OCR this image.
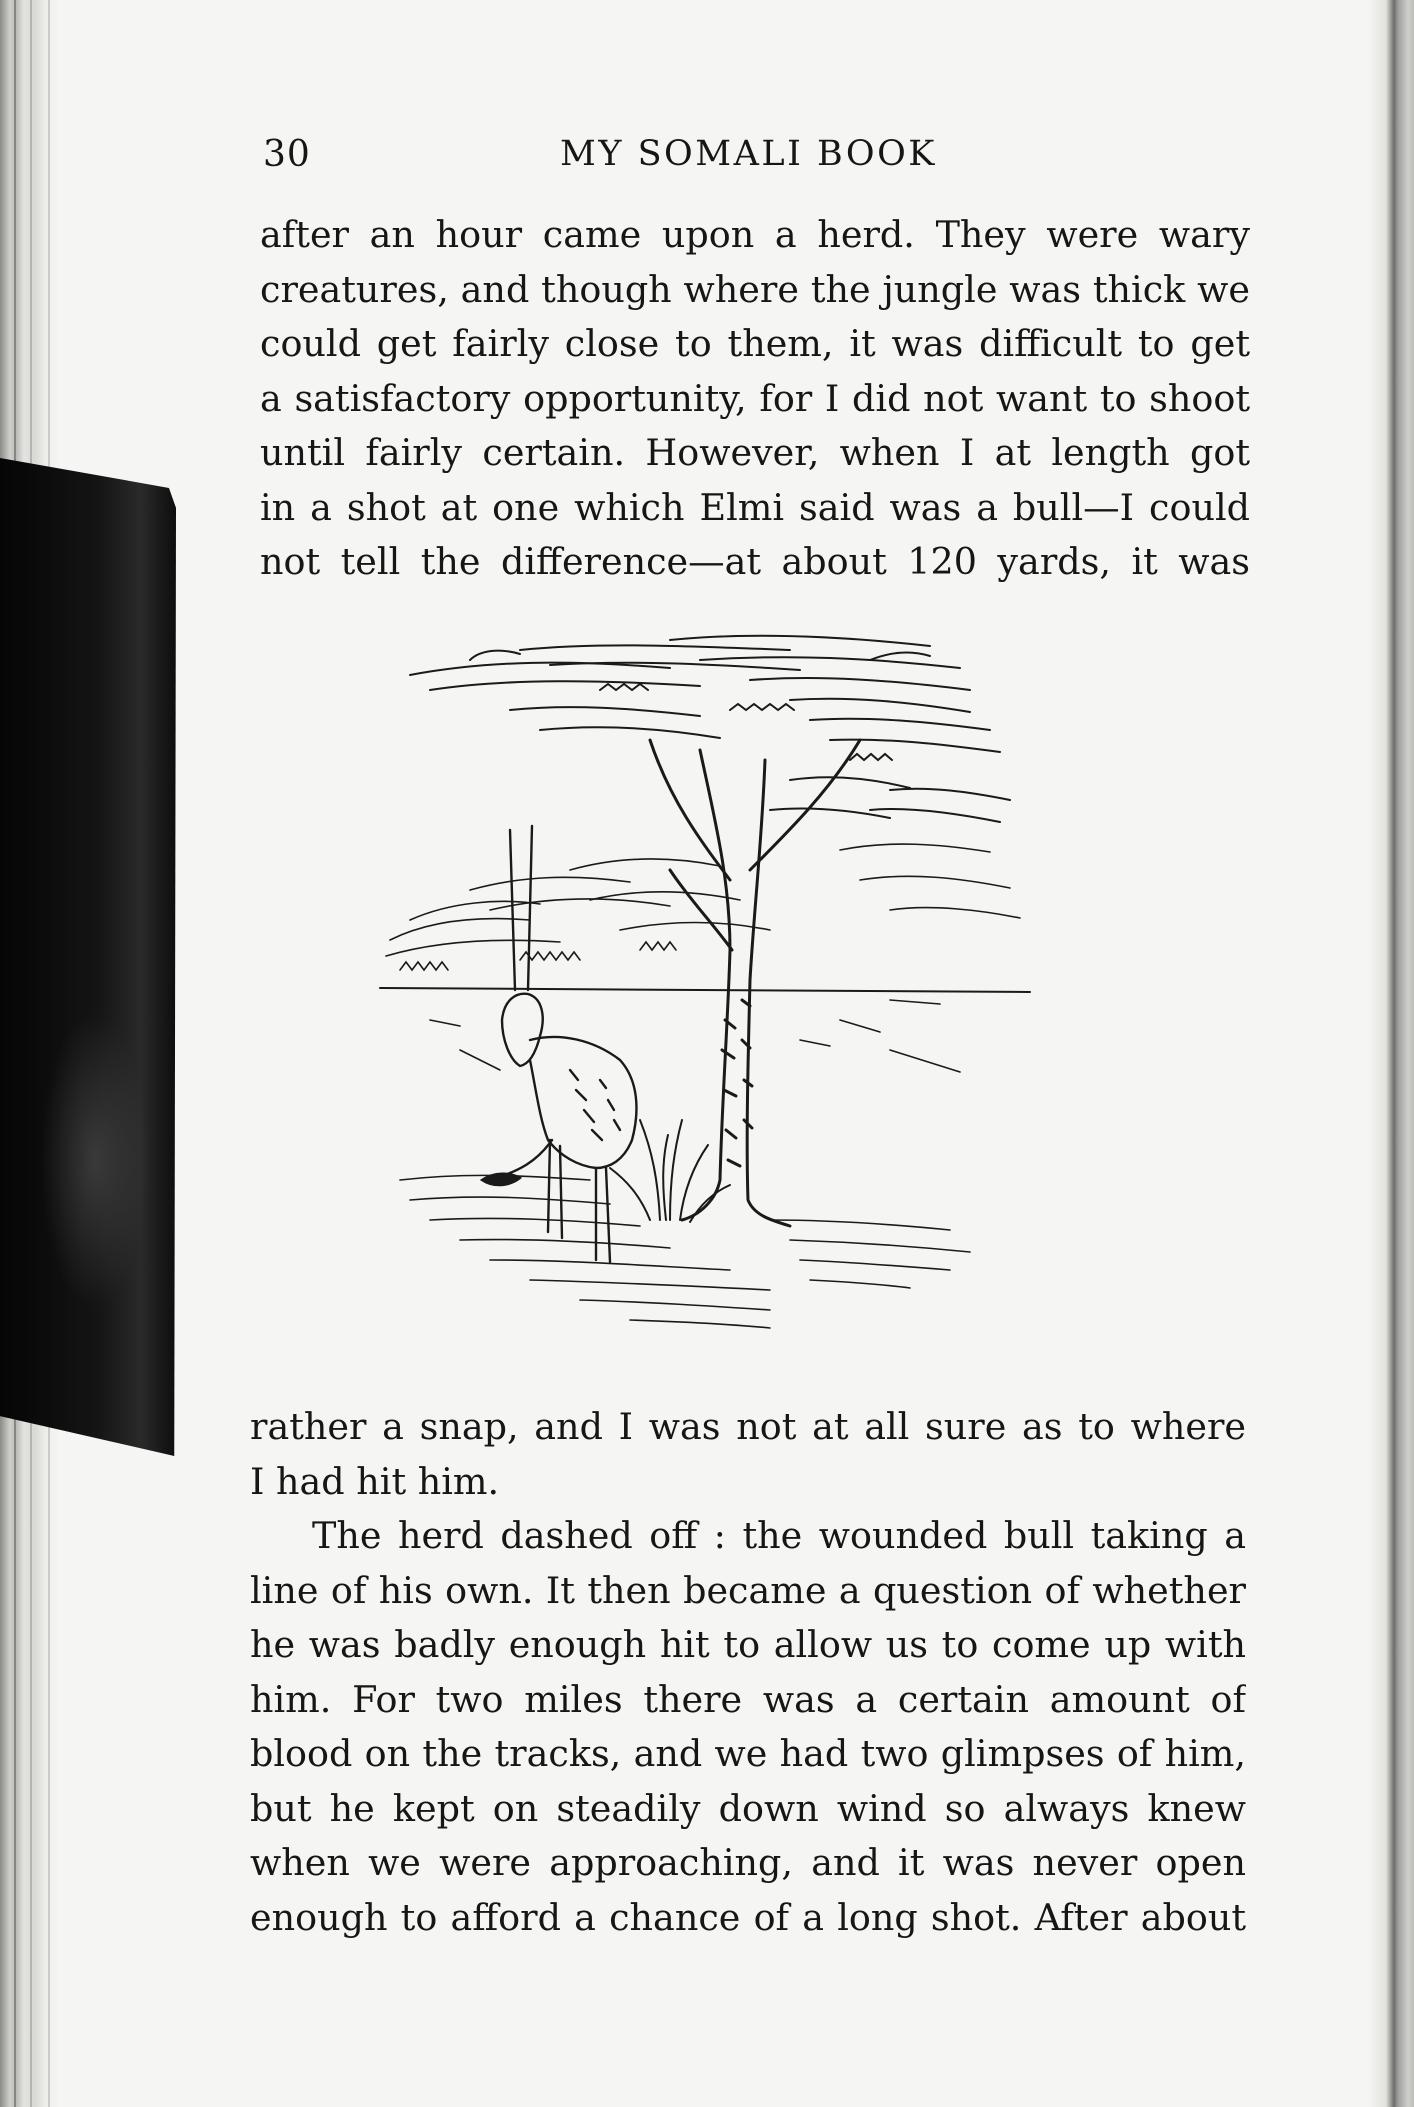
30	MY SOMALI BOOK
after an hour came upon a herd. They were wary
creatures, and though where the jungle was thick we
could get fairly close to them, it was difficult to get
a satisfactory opportunity, for I did not want to shoot
until fairly certain. However, when I at length got
in a shot at one which Elmi said was a bull—I could
not tell the difference—at about 120 yards, it was
rather a snap, and I was not at all sure as to where
I had hit him.
The herd dashed off : the wounded bull taking a
line of his own. It then became a question of whether
he was badly enough hit to allow us to come up with
him. For two miles there was a certain amount of
blood on the tracks, and we had two glimpses of him,
but he kept on steadily down wind so always knew
when we were approaching, and it was never open
enough to afford a chance of a long shot. After about
